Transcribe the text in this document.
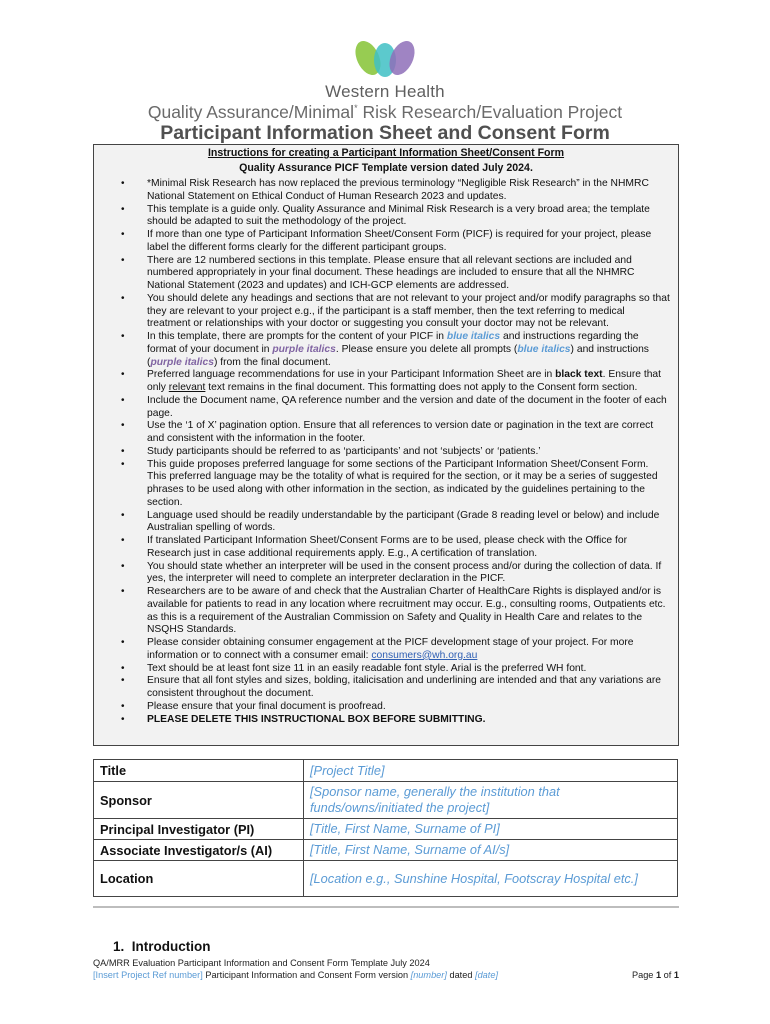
Western Health
Quality Assurance/Minimal* Risk Research/Evaluation Project
Participant Information Sheet and Consent Form
Instructions for creating a Participant Information Sheet/Consent Form
Quality Assurance PICF Template version dated July 2024.
• *Minimal Risk Research has now replaced the previous terminology “Negligible Risk Research” in the NHMRC National Statement on Ethical Conduct of Human Research 2023 and updates.
• This template is a guide only. Quality Assurance and Minimal Risk Research is a very broad area; the template should be adapted to suit the methodology of the project.
• If more than one type of Participant Information Sheet/Consent Form (PICF) is required for your project, please label the different forms clearly for the different participant groups.
• There are 12 numbered sections in this template. Please ensure that all relevant sections are included and numbered appropriately in your final document. These headings are included to ensure that all the NHMRC National Statement (2023 and updates) and ICH-GCP elements are addressed.
• You should delete any headings and sections that are not relevant to your project and/or modify paragraphs so that they are relevant to your project e.g., if the participant is a staff member, then the text referring to medical treatment or relationships with your doctor or suggesting you consult your doctor may not be relevant.
• In this template, there are prompts for the content of your PICF in blue italics and instructions regarding the format of your document in purple italics. Please ensure you delete all prompts (blue italics) and instructions (purple italics) from the final document.
• Preferred language recommendations for use in your Participant Information Sheet are in black text. Ensure that only relevant text remains in the final document. This formatting does not apply to the Consent form section.
• Include the Document name, QA reference number and the version and date of the document in the footer of each page.
• Use the ‘1 of X’ pagination option. Ensure that all references to version date or pagination in the text are correct and consistent with the information in the footer.
• Study participants should be referred to as ‘participants’ and not ‘subjects’ or ‘patients.’
• This guide proposes preferred language for some sections of the Participant Information Sheet/Consent Form. This preferred language may be the totality of what is required for the section, or it may be a series of suggested phrases to be used along with other information in the section, as indicated by the guidelines pertaining to the section.
• Language used should be readily understandable by the participant (Grade 8 reading level or below) and include Australian spelling of words.
• If translated Participant Information Sheet/Consent Forms are to be used, please check with the Office for Research just in case additional requirements apply. E.g., A certification of translation.
• You should state whether an interpreter will be used in the consent process and/or during the collection of data. If yes, the interpreter will need to complete an interpreter declaration in the PICF.
• Researchers are to be aware of and check that the Australian Charter of HealthCare Rights is displayed and/or is available for patients to read in any location where recruitment may occur. E.g., consulting rooms, Outpatients etc. as this is a requirement of the Australian Commission on Safety and Quality in Health Care and relates to the NSQHS Standards.
• Please consider obtaining consumer engagement at the PICF development stage of your project. For more information or to connect with a consumer email: consumers@wh.org.au
• Text should be at least font size 11 in an easily readable font style. Arial is the preferred WH font.
• Ensure that all font styles and sizes, bolding, italicisation and underlining are intended and that any variations are consistent throughout the document.
• Please ensure that your final document is proofread.
• PLEASE DELETE THIS INSTRUCTIONAL BOX BEFORE SUBMITTING.
Title	[Project Title]
Sponsor	[Sponsor name, generally the institution that funds/owns/initiated the project]
Principal Investigator (PI)	[Title, First Name, Surname of PI]
Associate Investigator/s (AI)	[Title, First Name, Surname of AI/s]
Location	[Location e.g., Sunshine Hospital, Footscray Hospital etc.]
1. Introduction
QA/MRR Evaluation Participant Information and Consent Form Template July 2024
[Insert Project Ref number] Participant Information and Consent Form version [number] dated [date]	Page 1 of 1
